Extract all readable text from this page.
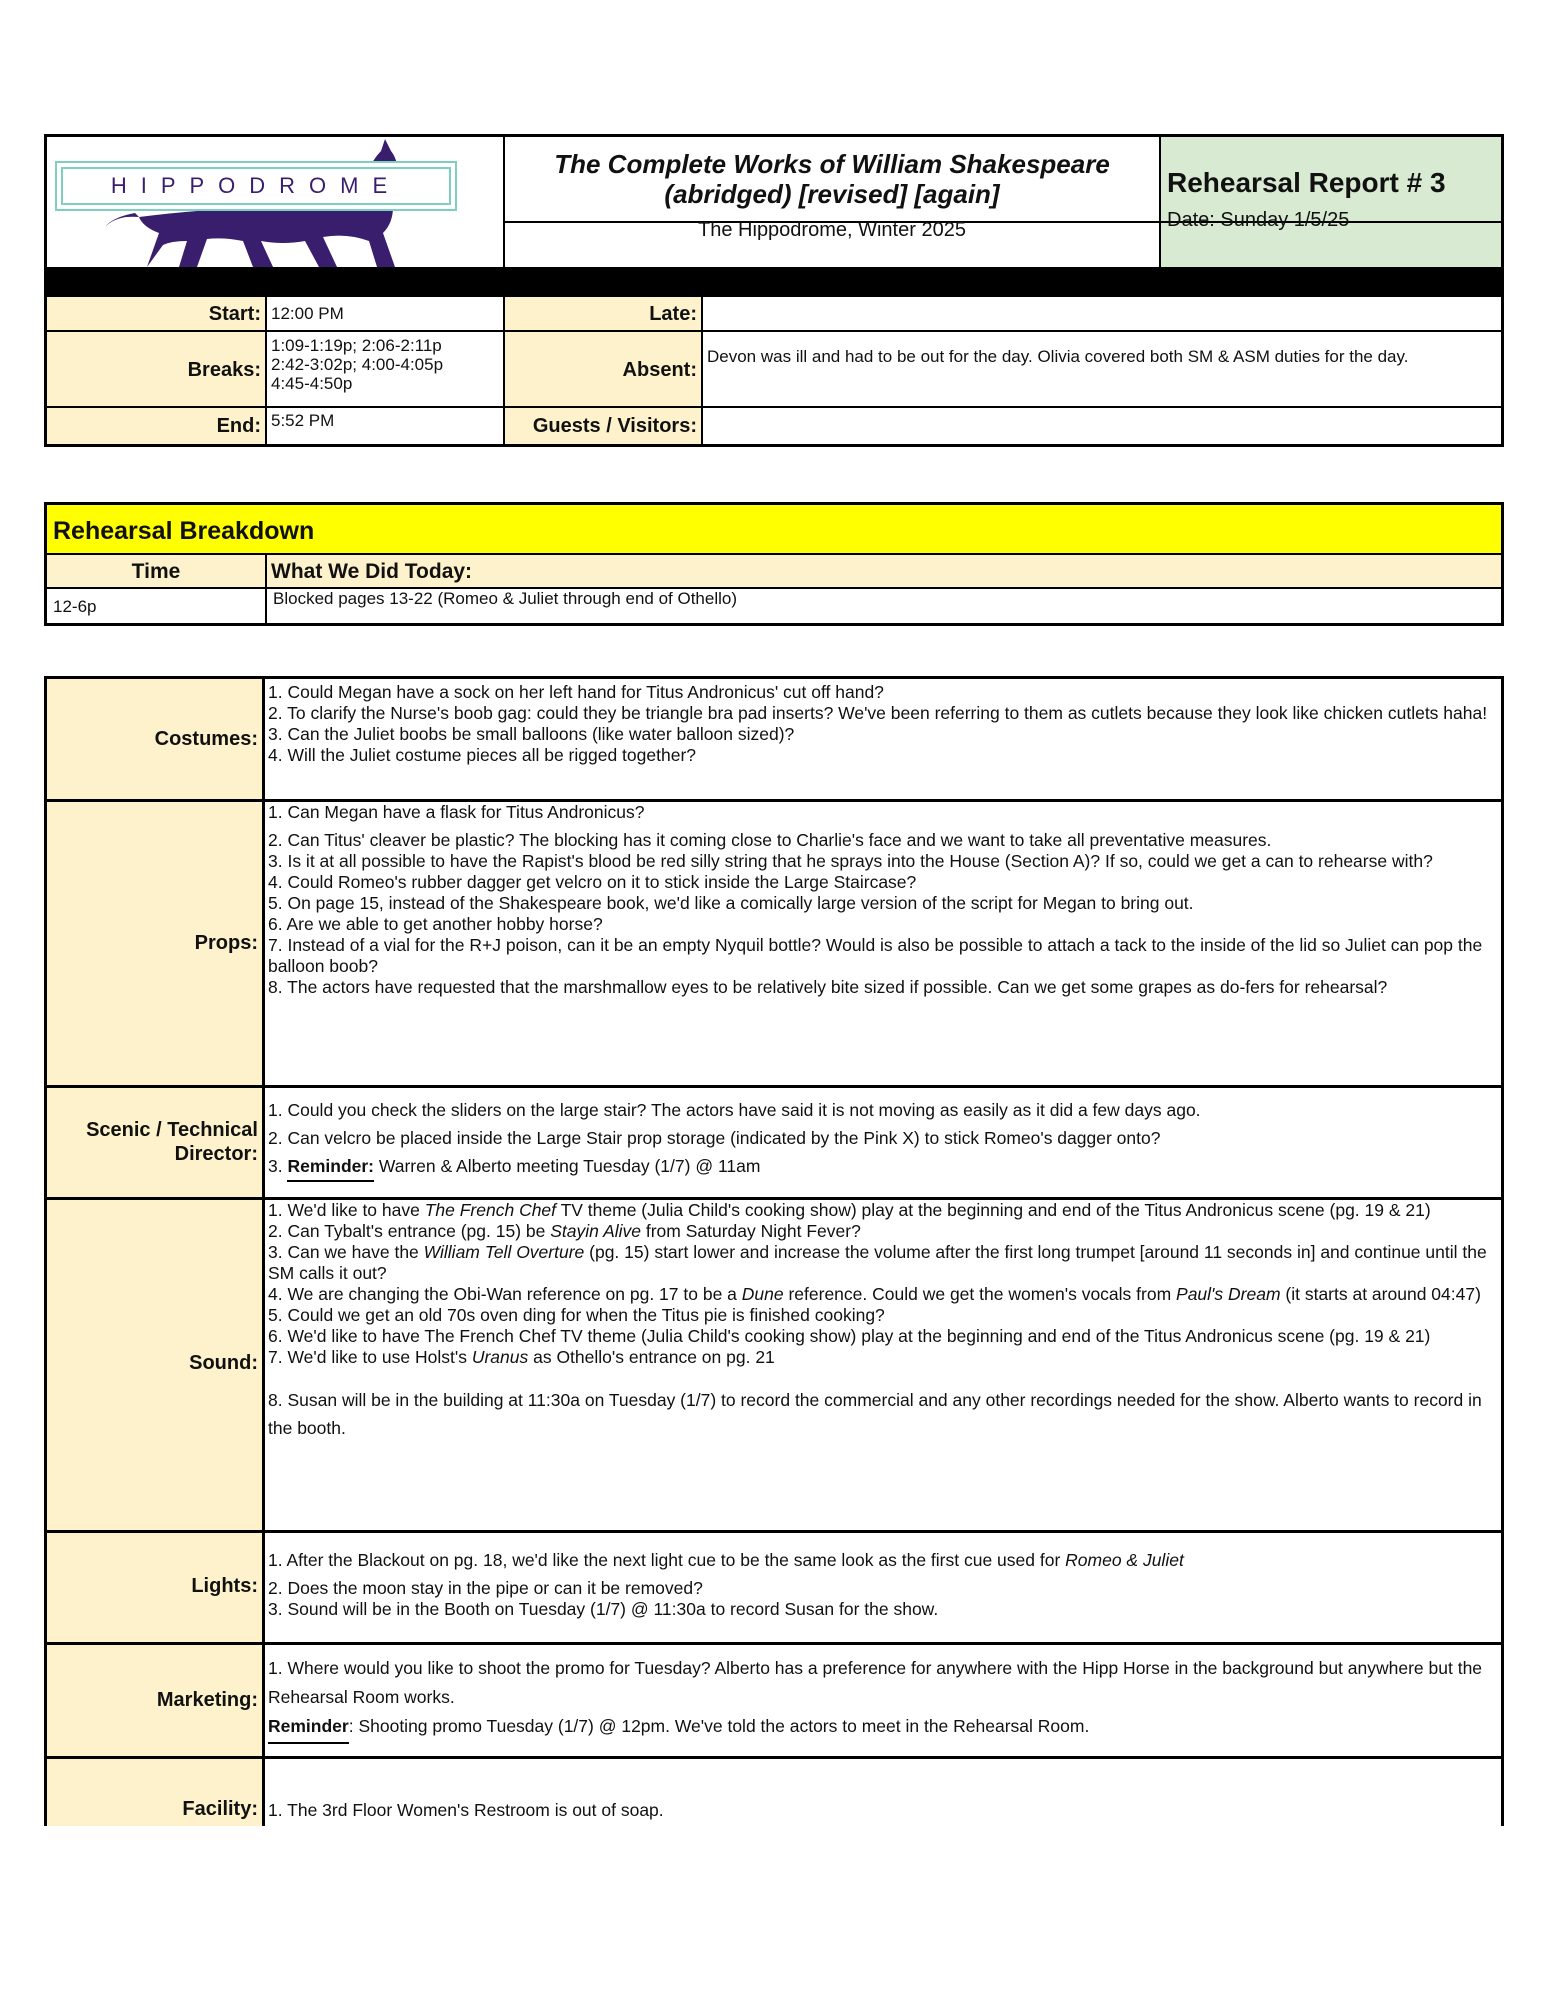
HIPPODROME
The Complete Works of William Shakespeare
(abridged) [revised] [again]
The Hippodrome, Winter 2025
Rehearsal Report # 3
Date: Sunday 1/5/25
Start: 12:00 PM
Breaks:
1:09-1:19p; 2:06-2:11p
2:42-3:02p; 4:00-4:05p
4:45-4:50p
End: 5:52 PM
Late:
Absent:
Devon was ill and had to be out for the day. Olivia covered both SM & ASM duties for the day.
Guests / Visitors:
Rehearsal Breakdown
Time	What We Did Today:
12-6p	Blocked pages 13-22 (Romeo & Juliet through end of Othello)
Costumes:

1. Could Megan have a sock on her left hand for Titus Andronicus' cut off hand?

2. To clarify the Nurse's boob gag: could they be triangle bra pad inserts? We've been referring to them as cutlets because they look like chicken cutlets haha!

3. Can the Juliet boobs be small balloons (like water balloon sized)?

4. Will the Juliet costume pieces all be rigged together?

Props:

1. Can Megan have a flask for Titus Andronicus?

2. Can Titus' cleaver be plastic? The blocking has it coming close to Charlie's face and we want to take all preventative measures.

3. Is it at all possible to have the Rapist's blood be red silly string that he sprays into the House (Section A)? If so, could we get a can to rehearse with?

4. Could Romeo's rubber dagger get velcro on it to stick inside the Large Staircase?

5. On page 15, instead of the Shakespeare book, we'd like a comically large version of the script for Megan to bring out.

6. Are we able to get another hobby horse?

7. Instead of a vial for the R+J poison, can it be an empty Nyquil bottle? Would is also be possible to attach a tack to the inside of the lid so Juliet can pop the balloon boob?

8. The actors have requested that the marshmallow eyes to be relatively bite sized if possible. Can we get some grapes as do-fers for rehearsal?

Scenic / Technical
Director:

1. Could you check the sliders on the large stair? The actors have said it is not moving as easily as it did a few days ago.

2. Can velcro be placed inside the Large Stair prop storage (indicated by the Pink X) to stick Romeo's dagger onto?

3. Reminder: Warren & Alberto meeting Tuesday (1/7) @ 11am

Sound:

1. We'd like to have The French Chef TV theme (Julia Child's cooking show) play at the beginning and end of the Titus Andronicus scene (pg. 19 & 21)

2. Can Tybalt's entrance (pg. 15) be Stayin Alive from Saturday Night Fever?

3. Can we have the William Tell Overture (pg. 15) start lower and increase the volume after the first long trumpet [around 11 seconds in] and continue until the SM calls it out?

4. We are changing the Obi-Wan reference on pg. 17 to be a Dune reference. Could we get the women's vocals from Paul's Dream (it starts at around 04:47)

5. Could we get an old 70s oven ding for when the Titus pie is finished cooking?

6. We'd like to have The French Chef TV theme (Julia Child's cooking show) play at the beginning and end of the Titus Andronicus scene (pg. 19 & 21)

7. We'd like to use Holst's Uranus as Othello's entrance on pg. 21

8. Susan will be in the building at 11:30a on Tuesday (1/7) to record the commercial and any other recordings needed for the show. Alberto wants to record in the booth.

Lights:

1. After the Blackout on pg. 18, we'd like the next light cue to be the same look as the first cue used for Romeo & Juliet

2. Does the moon stay in the pipe or can it be removed?

3. Sound will be in the Booth on Tuesday (1/7) @ 11:30a to record Susan for the show.

Marketing:

1. Where would you like to shoot the promo for Tuesday? Alberto has a preference for anywhere with the Hipp Horse in the background but anywhere but the Rehearsal Room works.

Reminder: Shooting promo Tuesday (1/7) @ 12pm. We've told the actors to meet in the Rehearsal Room.

Facility: 1. The 3rd Floor Women's Restroom is out of soap.
